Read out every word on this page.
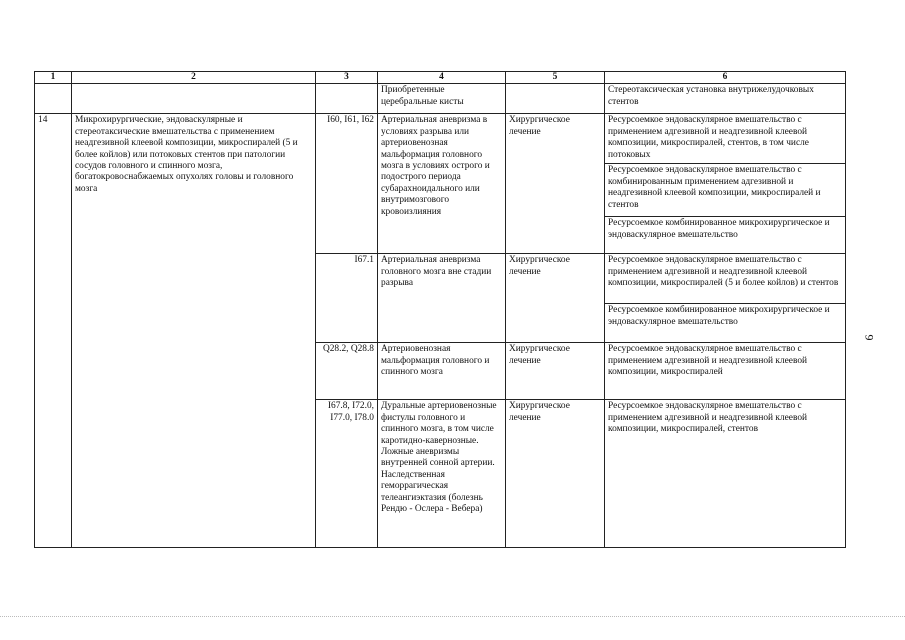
1	2	3	4	5	6
			Приобретенные церебральные кисты		Стереотаксическая установка внутрижелудочковых стентов
14	Микрохирургические, эндоваскулярные и стереотаксические вмешательства с применением неадгезивной клеевой композиции, микроспиралей (5 и более койлов) или потоковых стентов при патологии сосудов головного и спинного мозга, богатокровоснабжаемых опухолях головы и головного мозга	I60, I61, I62	Артериальная аневризма в условиях разрыва или артериовенозная мальформация головного мозга в условиях острого и подострого периода субарахноидального или внутримозгового кровоизлияния	Хирургическое лечение	Ресурсоемкое эндоваскулярное вмешательство с применением адгезивной и неадгезивной клеевой композиции, микроспиралей, стентов, в том числе потоковых
					Ресурсоемкое эндоваскулярное вмешательство с комбинированным применением адгезивной и неадгезивной клеевой композиции, микроспиралей и стентов
					Ресурсоемкое комбинированное микрохирургическое и эндоваскулярное вмешательство
		I67.1	Артериальная аневризма головного мозга вне стадии разрыва	Хирургическое лечение	Ресурсоемкое эндоваскулярное вмешательство с применением адгезивной и неадгезивной клеевой композиции, микроспиралей (5 и более койлов) и стентов
					Ресурсоемкое комбинированное микрохирургическое и эндоваскулярное вмешательство
		Q28.2, Q28.8	Артериовенозная мальформация головного и спинного мозга	Хирургическое лечение	Ресурсоемкое эндоваскулярное вмешательство с применением адгезивной и неадгезивной клеевой композиции, микроспиралей
		I67.8, I72.0, I77.0, I78.0	Дуральные артериовенозные фистулы головного и спинного мозга, в том числе каротидно-кавернозные. Ложные аневризмы внутренней сонной артерии. Наследственная геморрагическая телеангиэктазия (болезнь Рендю - Ослера - Вебера)	Хирургическое лечение	Ресурсоемкое эндоваскулярное вмешательство с применением адгезивной и неадгезивной клеевой композиции, микроспиралей, стентов
9
